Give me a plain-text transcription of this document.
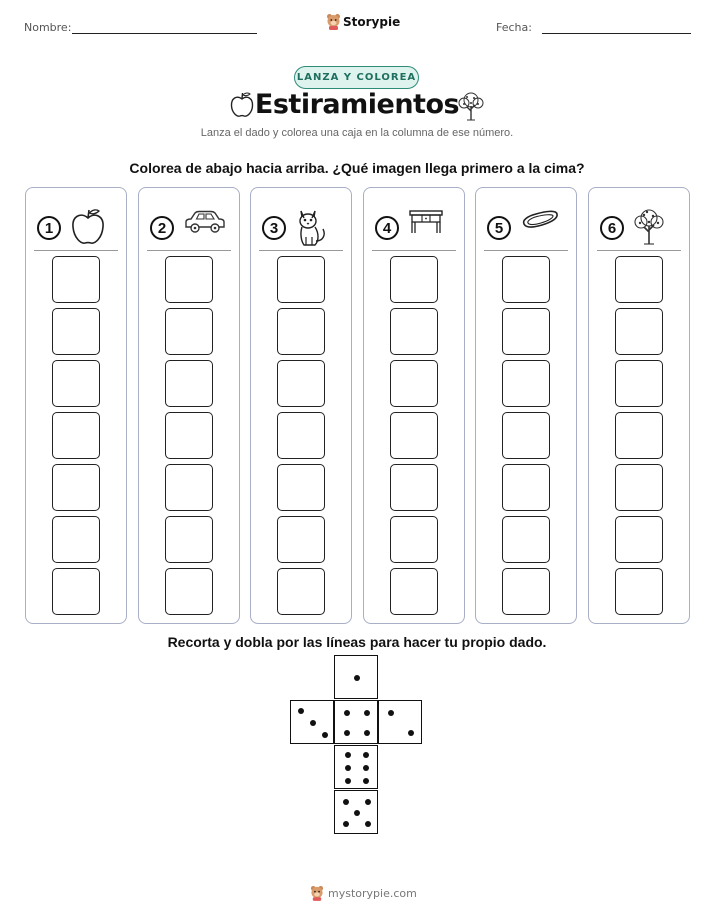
Nombre:	Storypie	Fecha:
LANZA Y COLOREA
Estiramientos
Lanza el dado y colorea una caja en la columna de ese número.
Colorea de abajo hacia arriba. ¿Qué imagen llega primero a la cima?
1	2	3	4	5	6
Recorta y dobla por las líneas para hacer tu propio dado.
mystorypie.com
